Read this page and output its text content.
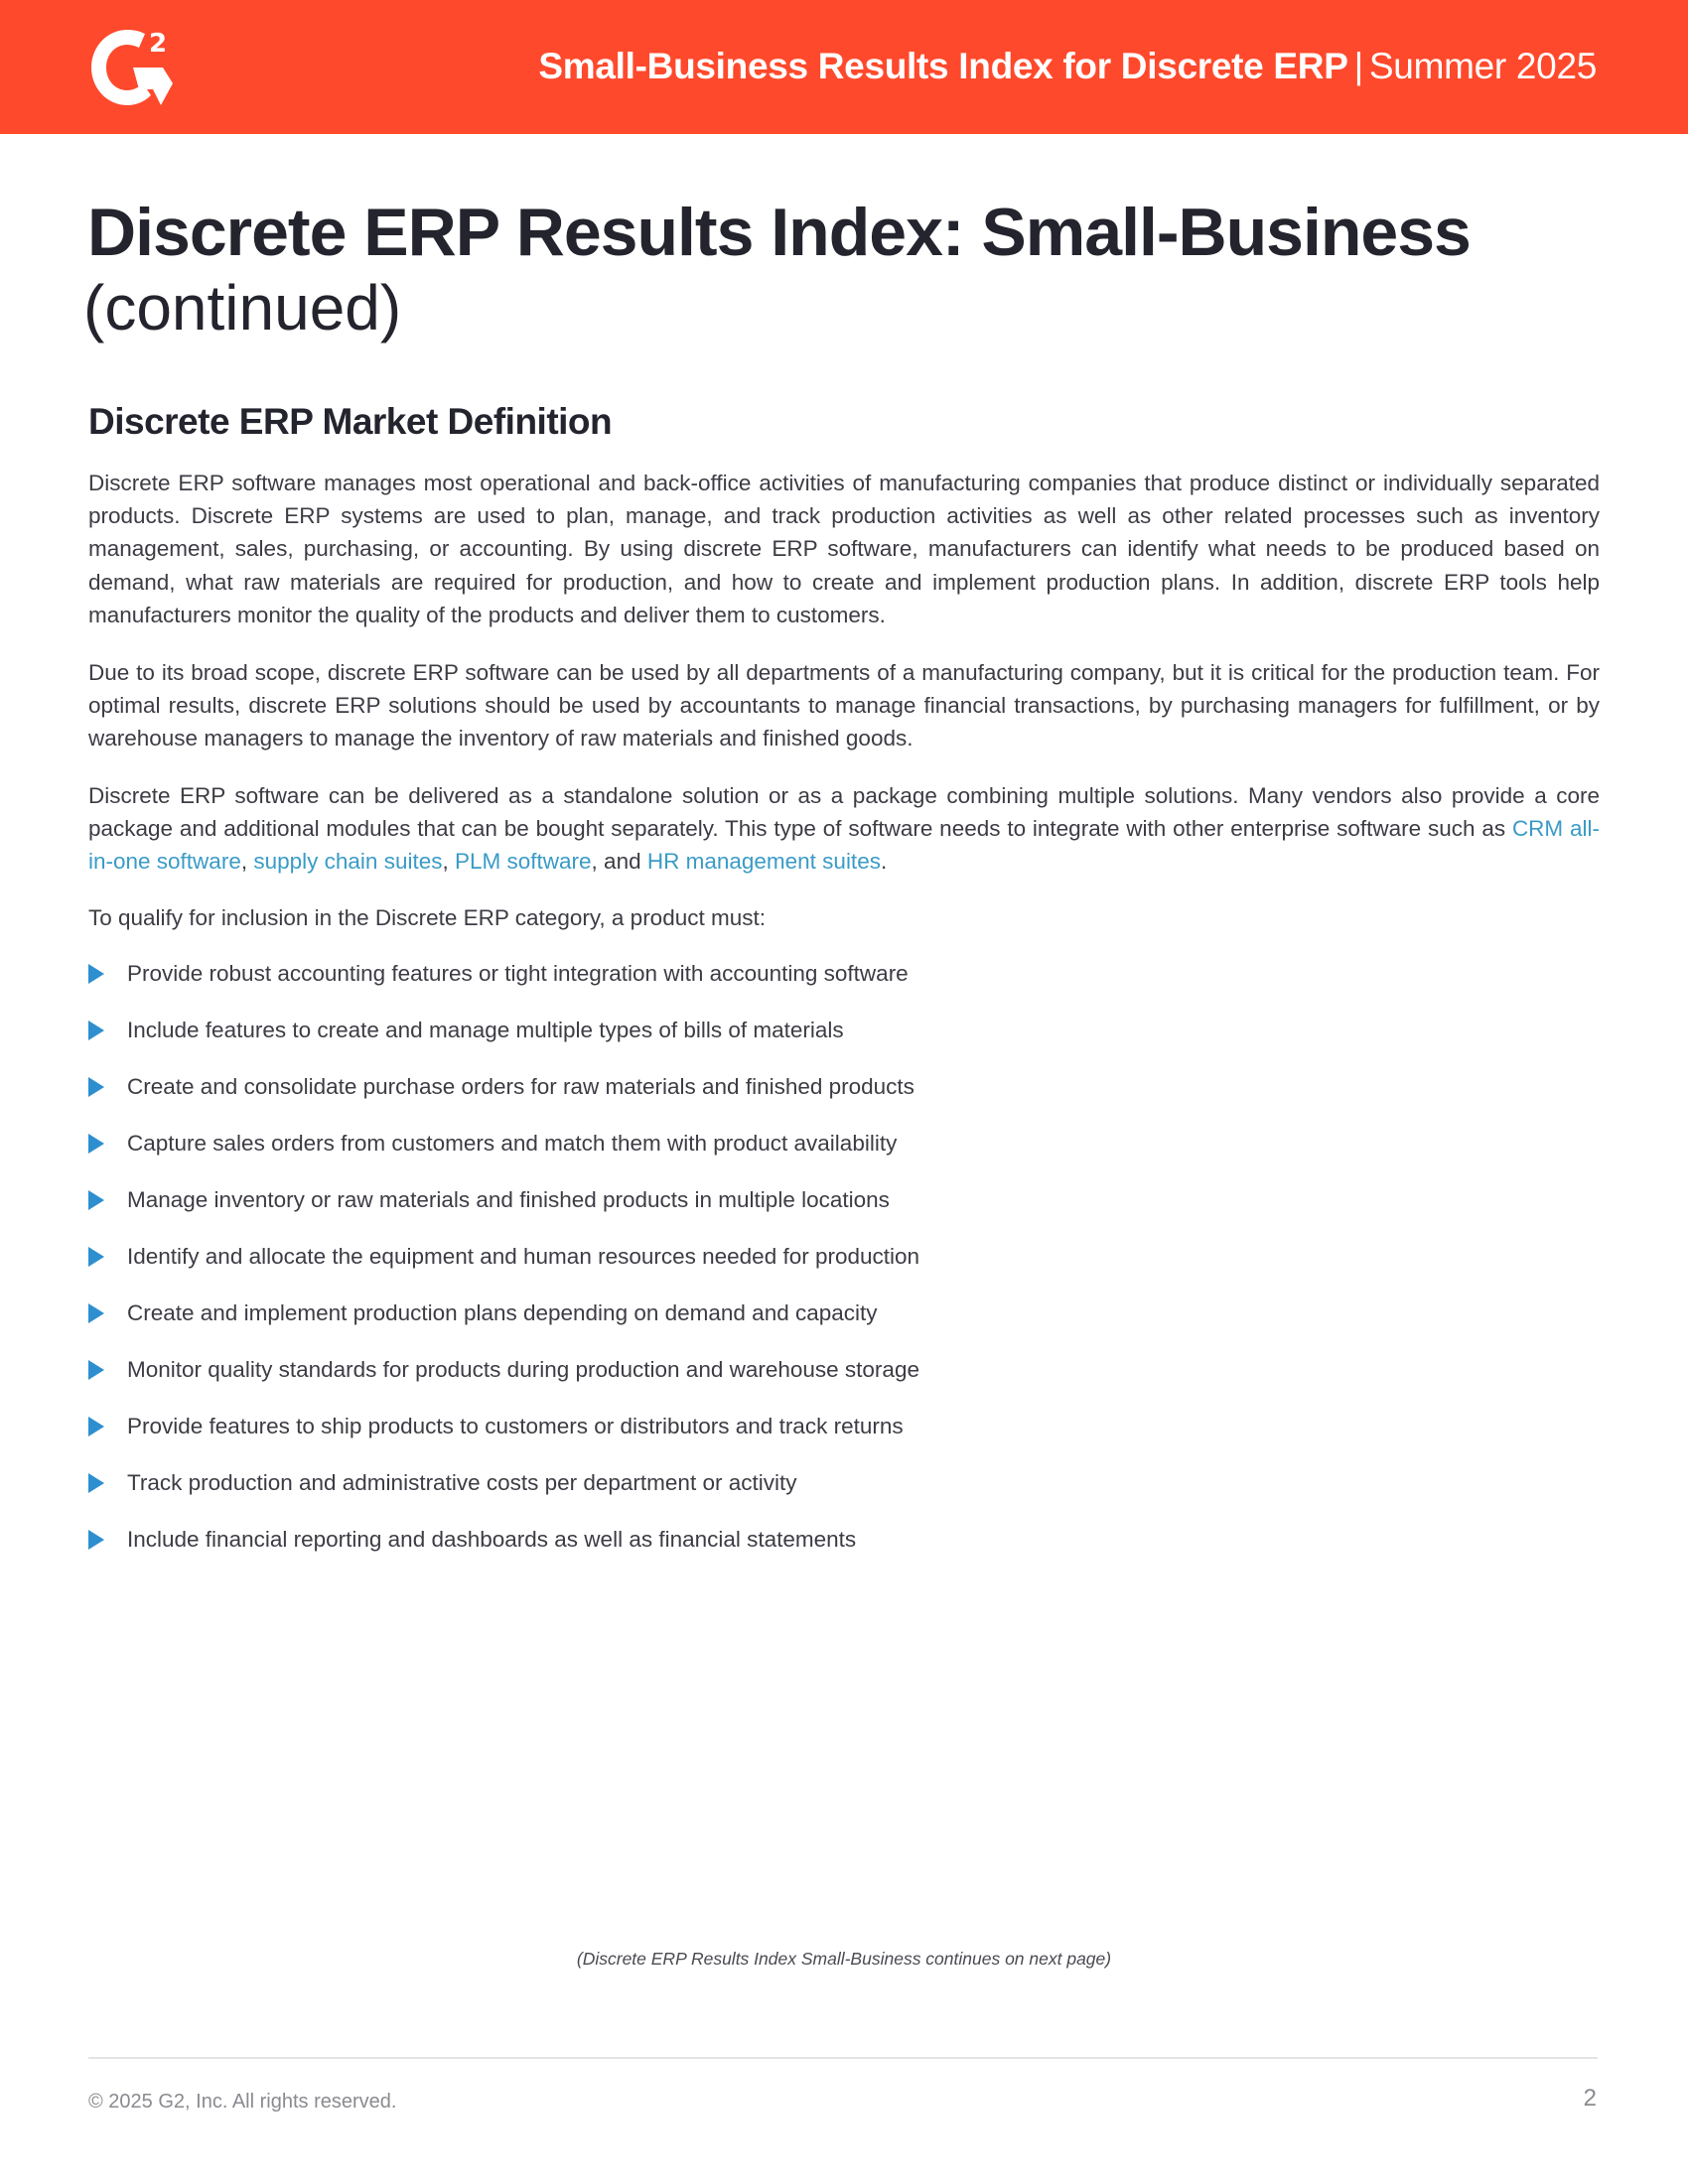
2
Small-Business Results Index for Discrete ERP | Summer 2025
Discrete ERP Results Index: Small-Business
(continued)
Discrete ERP Market Definition

Discrete ERP software manages most operational and back-office activities of manufacturing companies that produce distinct or individually separated products. Discrete ERP systems are used to plan, manage, and track production activities as well as other related processes such as inventory management, sales, purchasing, or accounting. By using discrete ERP software, manufacturers can identify what needs to be produced based on demand, what raw materials are required for production, and how to create and implement production plans. In addition, discrete ERP tools help manufacturers monitor the quality of the products and deliver them to customers.

Due to its broad scope, discrete ERP software can be used by all departments of a manufacturing company, but it is critical for the production team. For optimal results, discrete ERP solutions should be used by accountants to manage financial transactions, by purchasing managers for fulfillment, or by warehouse managers to manage the inventory of raw materials and finished goods.

Discrete ERP software can be delivered as a standalone solution or as a package combining multiple solutions. Many vendors also provide a core package and additional modules that can be bought separately. This type of software needs to integrate with other enterprise software such as CRM all-in-one software, supply chain suites, PLM software, and HR management suites.

To qualify for inclusion in the Discrete ERP category, a product must:

Provide robust accounting features or tight integration with accounting software
Include features to create and manage multiple types of bills of materials
Create and consolidate purchase orders for raw materials and finished products
Capture sales orders from customers and match them with product availability
Manage inventory or raw materials and finished products in multiple locations
Identify and allocate the equipment and human resources needed for production
Create and implement production plans depending on demand and capacity
Monitor quality standards for products during production and warehouse storage
Provide features to ship products to customers or distributors and track returns
Track production and administrative costs per department or activity
Include financial reporting and dashboards as well as financial statements
(Discrete ERP Results Index Small-Business continues on next page)
© 2025 G2, Inc. All rights reserved.	2
